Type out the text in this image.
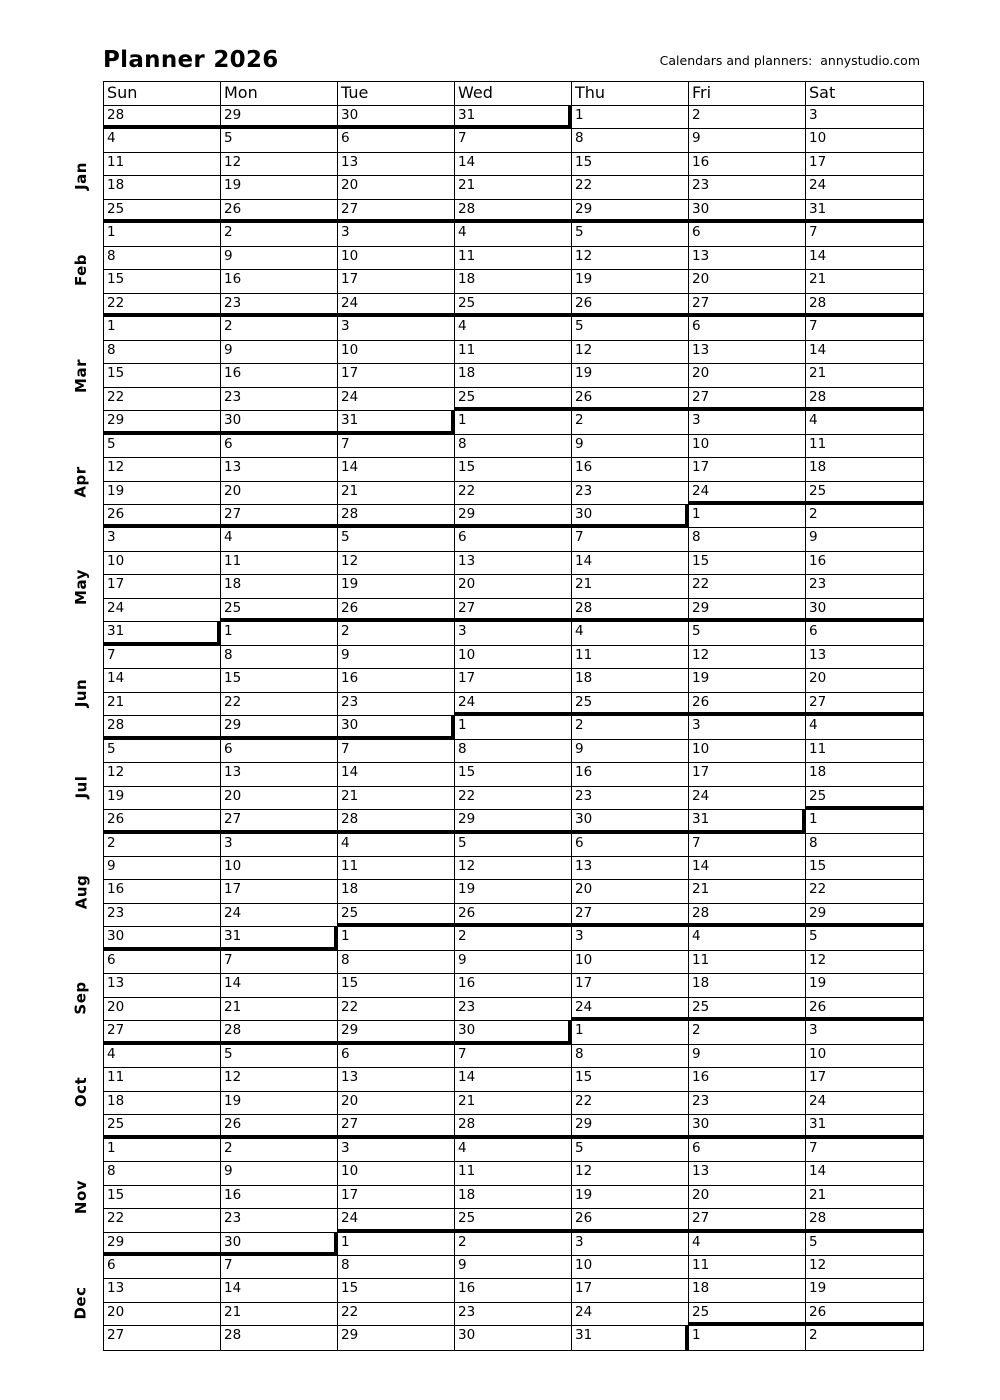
Planner 2026	Calendars and planners:  annystudio.com
Sun	Mon	Tue	Wed	Thu	Fri	Sat
28	29	30	31	1	2	3
4	5	6	7	8	9	10
11	12	13	14	15	16	17
18	19	20	21	22	23	24
25	26	27	28	29	30	31
1	2	3	4	5	6	7
8	9	10	11	12	13	14
15	16	17	18	19	20	21
22	23	24	25	26	27	28
1	2	3	4	5	6	7
8	9	10	11	12	13	14
15	16	17	18	19	20	21
22	23	24	25	26	27	28
29	30	31	1	2	3	4
5	6	7	8	9	10	11
12	13	14	15	16	17	18
19	20	21	22	23	24	25
26	27	28	29	30	1	2
3	4	5	6	7	8	9
10	11	12	13	14	15	16
17	18	19	20	21	22	23
24	25	26	27	28	29	30
31	1	2	3	4	5	6
7	8	9	10	11	12	13
14	15	16	17	18	19	20
21	22	23	24	25	26	27
28	29	30	1	2	3	4
5	6	7	8	9	10	11
12	13	14	15	16	17	18
19	20	21	22	23	24	25
26	27	28	29	30	31	1
2	3	4	5	6	7	8
9	10	11	12	13	14	15
16	17	18	19	20	21	22
23	24	25	26	27	28	29
30	31	1	2	3	4	5
6	7	8	9	10	11	12
13	14	15	16	17	18	19
20	21	22	23	24	25	26
27	28	29	30	1	2	3
4	5	6	7	8	9	10
11	12	13	14	15	16	17
18	19	20	21	22	23	24
25	26	27	28	29	30	31
1	2	3	4	5	6	7
8	9	10	11	12	13	14
15	16	17	18	19	20	21
22	23	24	25	26	27	28
29	30	1	2	3	4	5
6	7	8	9	10	11	12
13	14	15	16	17	18	19
20	21	22	23	24	25	26
27	28	29	30	31	1	2
Jan
Feb
Mar
Apr
May
Jun
Jul
Aug
Sep
Oct
Nov
Dec
